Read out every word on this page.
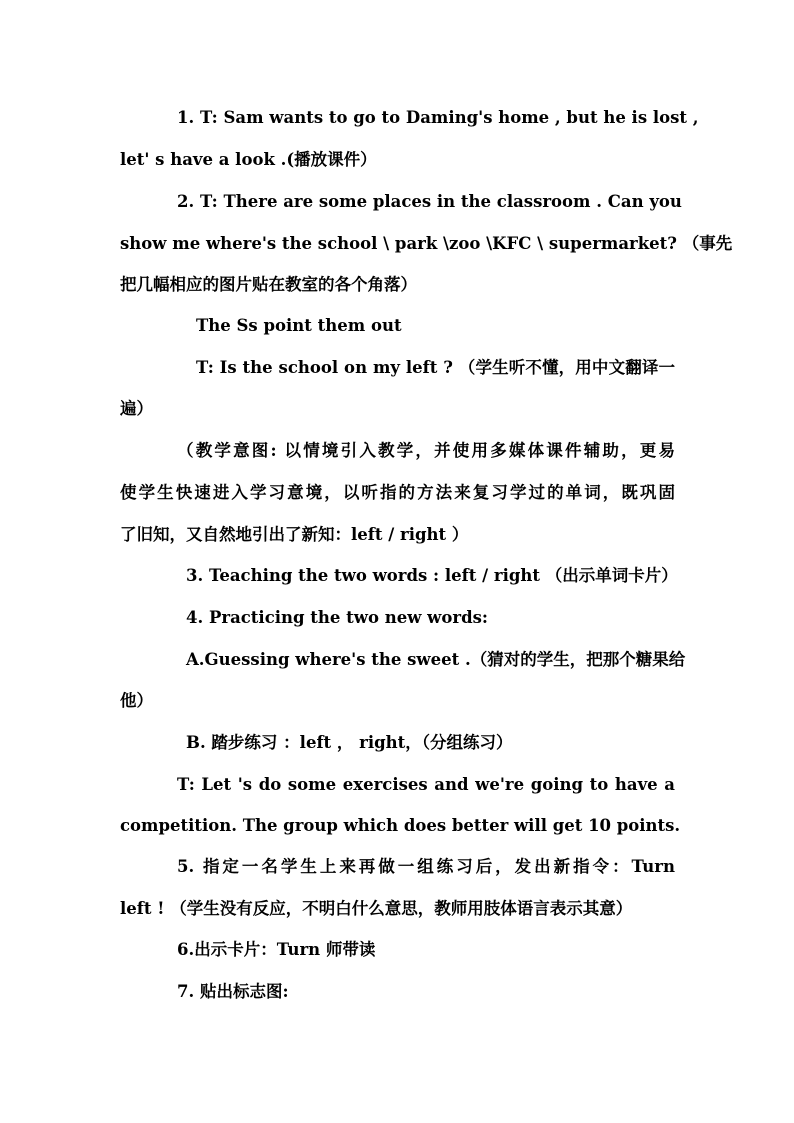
1. T: Sam wants to go to Daming's home , but he is lost ,
let' s have a look .(播放课件）
2. T: There are some places in the classroom . Can you
show me where's the school \ park \zoo \KFC \ supermarket? （事先
把几幅相应的图片贴在教室的各个角落）
The Ss point them out
T: Is the school on my left ? （学生听不懂，用中文翻译一
遍）
（教学意图: 以情境引入教学，并使用多媒体课件辅助，更易
使学生快速进入学习意境，以听指的方法来复习学过的单词，既巩固
了旧知，又自然地引出了新知：left / right ）
3. Teaching the two words : left / right （出示单词卡片）
4. Practicing the two new words:
A.Guessing where's the sweet .（猜对的学生，把那个糖果给
他）
B. 踏步练习 ：left ， right，（分组练习）
T: Let 's do some exercises and we're going to have a
competition. The group which does better will get 10 points.
5. 指定一名学生上来再做一组练习后，发出新指令：Turn
left ! （学生没有反应，不明白什么意思，教师用肢体语言表示其意）
6.出示卡片：Turn 师带读
7. 贴出标志图:
